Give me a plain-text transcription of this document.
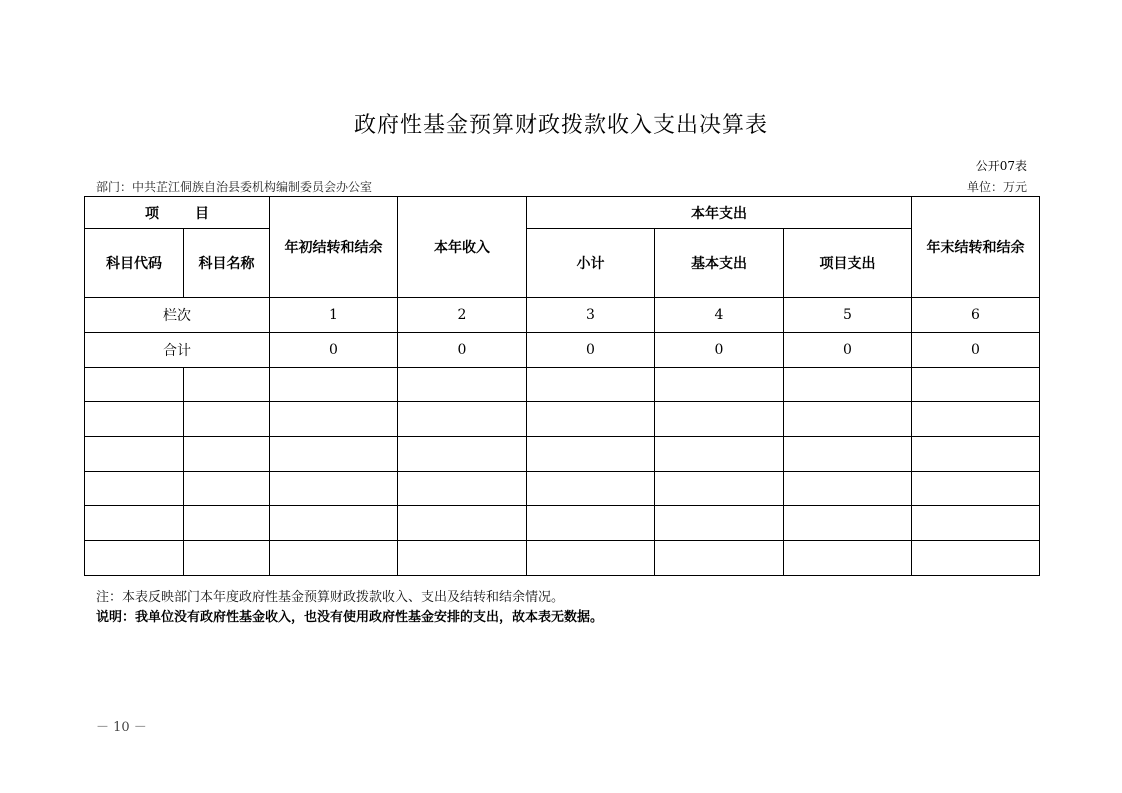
政府性基金预算财政拨款收入支出决算表
公开07表
部门：中共芷江侗族自治县委机构编制委员会办公室	单位：万元
项 目		年初结转和结余	本年收入	本年支出			年末结转和结余
科目代码	科目名称			小计	基本支出	项目支出	
栏次		1	2	3	4	5	6
合计		0	0	0	0	0	0

注：本表反映部门本年度政府性基金预算财政拨款收入、支出及结转和结余情况。
说明：我单位没有政府性基金收入，也没有使用政府性基金安排的支出，故本表无数据。
－ 10 －
